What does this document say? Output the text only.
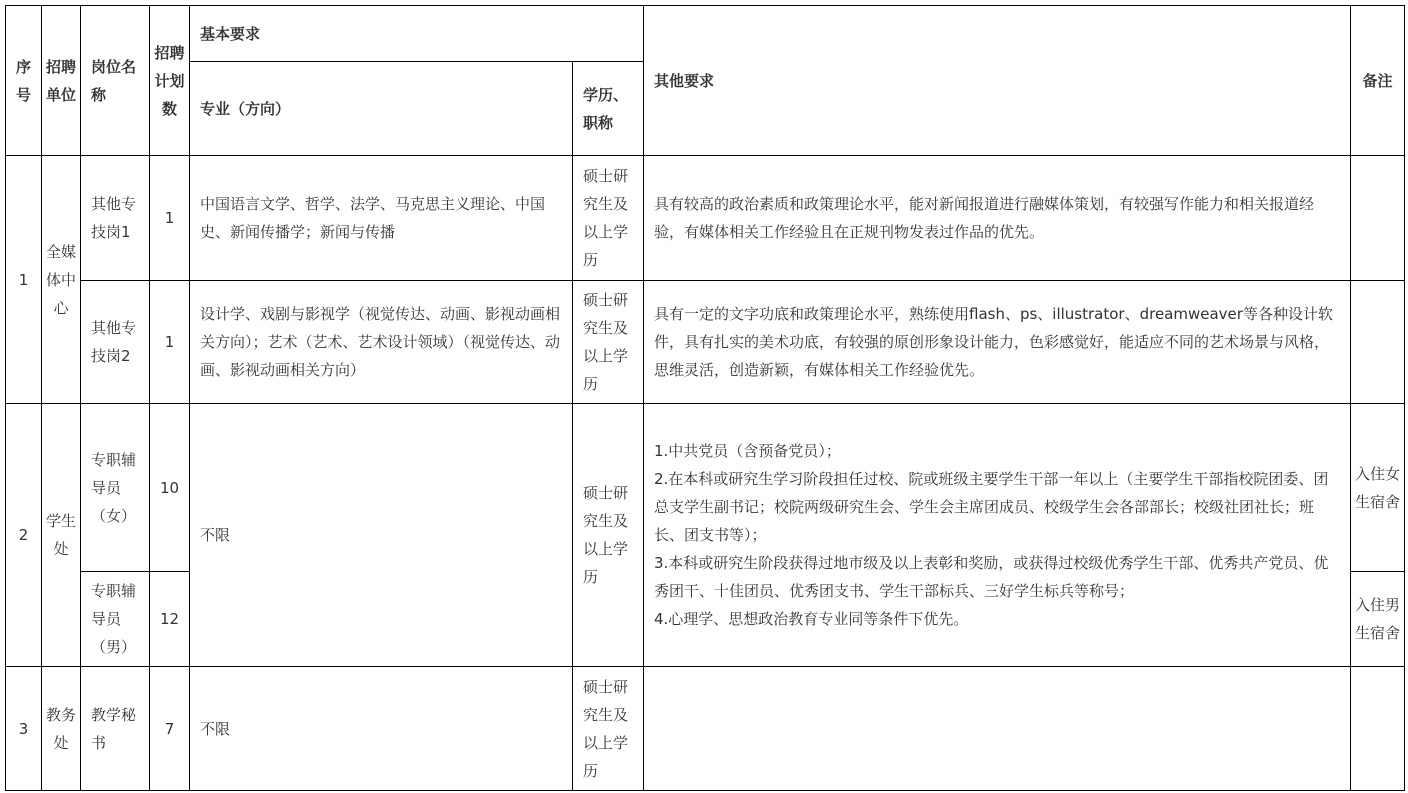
序号	招聘单位	岗位名称	招聘计划数	基本要求		其他要求	备注
				专业（方向）	学历、职称		
1	全媒体中心	其他专技岗1	1	中国语言文学、哲学、法学、马克思主义理论、中国史、新闻传播学；新闻与传播	硕士研究生及以上学历	具有较高的政治素质和政策理论水平，能对新闻报道进行融媒体策划，有较强写作能力和相关报道经验，有媒体相关工作经验且在正规刊物发表过作品的优先。	
		其他专技岗2	1	设计学、戏剧与影视学（视觉传达、动画、影视动画相关方向）；艺术（艺术、艺术设计领域）（视觉传达、动画、影视动画相关方向）	硕士研究生及以上学历	具有一定的文字功底和政策理论水平，熟练使用flash、ps、illustrator、dreamweaver等各种设计软件，具有扎实的美术功底，有较强的原创形象设计能力，色彩感觉好，能适应不同的艺术场景与风格，思维灵活，创造新颖，有媒体相关工作经验优先。	
2	学生处	专职辅导员（女）	10	不限	硕士研究生及以上学历	1.中共党员（含预备党员）；
2.在本科或研究生学习阶段担任过校、院或班级主要学生干部一年以上（主要学生干部指校院团委、团总支学生副书记；校院两级研究生会、学生会主席团成员、校级学生会各部部长；校级社团社长；班长、团支书等）；
3.本科或研究生阶段获得过地市级及以上表彰和奖励，或获得过校级优秀学生干部、优秀共产党员、优秀团干、十佳团员、优秀团支书、学生干部标兵、三好学生标兵等称号；
4.心理学、思想政治教育专业同等条件下优先。	入住女生宿舍
		专职辅导员（男）	12				入住男生宿舍
3	教务处	教学秘书	7	不限	硕士研究生及以上学历		
